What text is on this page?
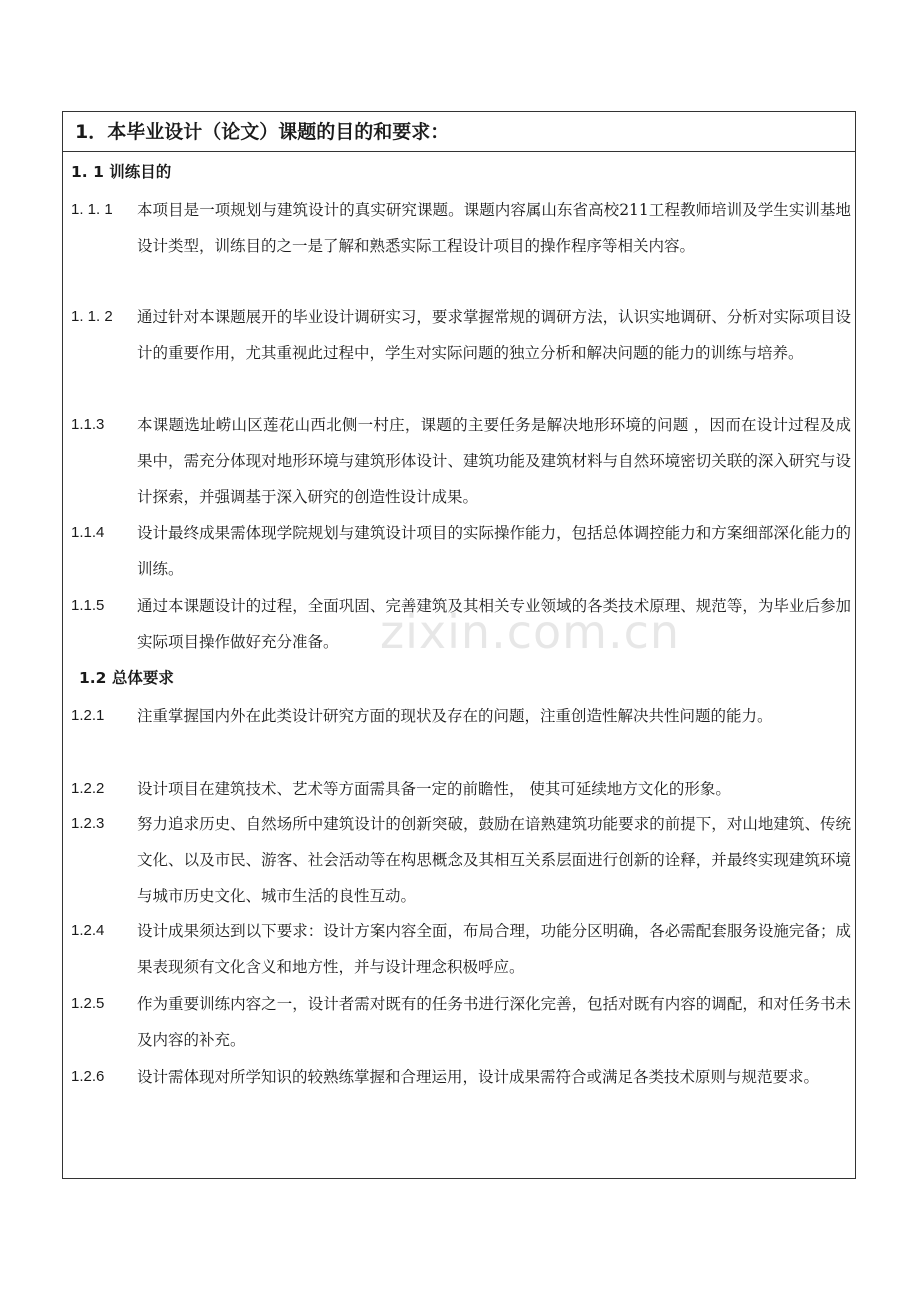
1．本毕业设计（论文）课题的目的和要求：
1. 1 训练目的
1. 1. 1	本项目是一项规划与建筑设计的真实研究课题。课题内容属山东省高校211工程教师培训及学生实训基地设计类型，训练目的之一是了解和熟悉实际工程设计项目的操作程序等相关内容。
1. 1. 2	通过针对本课题展开的毕业设计调研实习，要求掌握常规的调研方法，认识实地调研、分析对实际项目设计的重要作用，尤其重视此过程中，学生对实际问题的独立分析和解决问题的能力的训练与培养。
1.1.3	本课题选址崂山区莲花山西北侧一村庄，课题的主要任务是解决地形环境的问题 ，因而在设计过程及成果中，需充分体现对地形环境与建筑形体设计、建筑功能及建筑材料与自然环境密切关联的深入研究与设计探索，并强调基于深入研究的创造性设计成果。
1.1.4	设计最终成果需体现学院规划与建筑设计项目的实际操作能力，包括总体调控能力和方案细部深化能力的训练。
1.1.5	通过本课题设计的过程，全面巩固、完善建筑及其相关专业领域的各类技术原理、规范等，为毕业后参加实际项目操作做好充分准备。
1.2 总体要求
1.2.1	注重掌握国内外在此类设计研究方面的现状及存在的问题，注重创造性解决共性问题的能力。
1.2.2	设计项目在建筑技术、艺术等方面需具备一定的前瞻性， 使其可延续地方文化的形象。
1.2.3	努力追求历史、自然场所中建筑设计的创新突破，鼓励在谙熟建筑功能要求的前提下，对山地建筑、传统文化、以及市民、游客、社会活动等在构思概念及其相互关系层面进行创新的诠释，并最终实现建筑环境与城市历史文化、城市生活的良性互动。
1.2.4	设计成果须达到以下要求：设计方案内容全面，布局合理，功能分区明确，各必需配套服务设施完备；成果表现须有文化含义和地方性，并与设计理念积极呼应。
1.2.5	作为重要训练内容之一，设计者需对既有的任务书进行深化完善，包括对既有内容的调配，和对任务书未及内容的补充。
1.2.6	设计需体现对所学知识的较熟练掌握和合理运用，设计成果需符合或满足各类技术原则与规范要求。
zixin.com.cn
